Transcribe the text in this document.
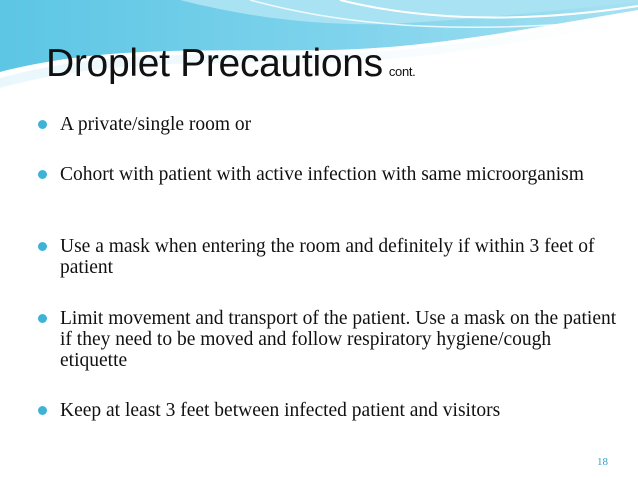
Droplet Precautions cont.
A private/single room or
Cohort with patient with active infection with same microorganism
Use a mask when entering the room and definitely if within 3 feet of patient
Limit movement and transport of the patient. Use a mask on the patient if they need to be moved and follow respiratory hygiene/cough etiquette
Keep at least 3 feet between infected patient and visitors
18
